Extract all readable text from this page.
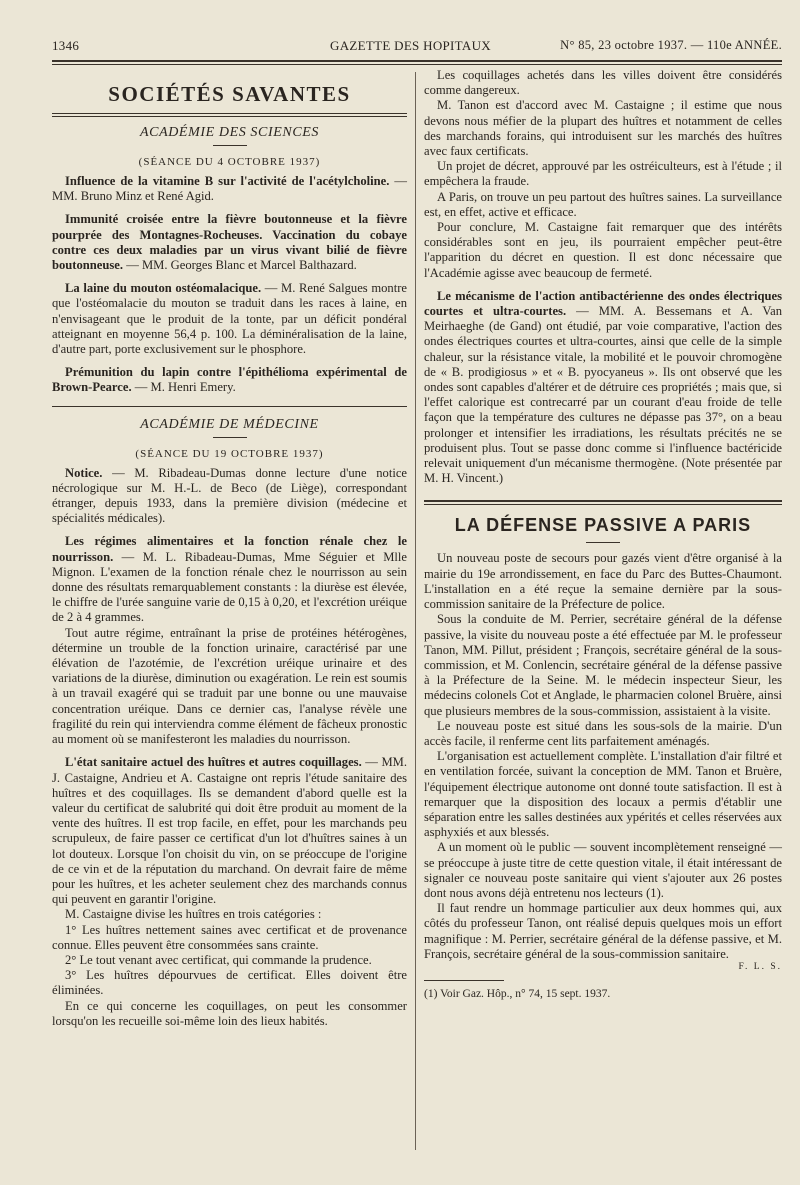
1346	GAZETTE DES HOPITAUX	N° 85, 23 octobre 1937. — 110e ANNÉE.
SOCIÉTÉS SAVANTES
ACADÉMIE DES SCIENCES
(SÉANCE DU 4 OCTOBRE 1937)

Influence de la vitamine B sur l'activité de l'acétylcholine. — MM. Bruno Minz et René Agid.

Immunité croisée entre la fièvre boutonneuse et la fièvre pourprée des Montagnes-Rocheuses. Vaccination du cobaye contre ces deux maladies par un virus vivant bilié de fièvre boutonneuse. — MM. Georges Blanc et Marcel Balthazard.

La laine du mouton ostéomalacique. — M. René Salgues montre que l'ostéomalacie du mouton se traduit dans les races à laine, en n'envisageant que le produit de la tonte, par un déficit pondéral atteignant en moyenne 56,4 p. 100. La déminéralisation de la laine, d'autre part, porte exclusivement sur le phosphore.

Prémunition du lapin contre l'épithélioma expérimental de Brown-Pearce. — M. Henri Emery.

ACADÉMIE DE MÉDECINE
(SÉANCE DU 19 OCTOBRE 1937)

Notice. — M. Ribadeau-Dumas donne lecture d'une notice nécrologique sur M. H.-L. de Beco (de Liège), correspondant étranger, depuis 1933, dans la première division (médecine et spécialités médicales).

Les régimes alimentaires et la fonction rénale chez le nourrisson. — M. L. Ribadeau-Dumas, Mme Séguier et Mlle Mignon. L'examen de la fonction rénale chez le nourrisson au sein donne des résultats remarquablement constants : la diurèse est élevée, le chiffre de l'urée sanguine varie de 0,15 à 0,20, et l'excrétion uréique de 2 à 4 grammes.

Tout autre régime, entraînant la prise de protéines hétérogènes, détermine un trouble de la fonction urinaire, caractérisé par une élévation de l'azotémie, de l'excrétion uréique urinaire et des variations de la diurèse, diminution ou exagération. Le rein est soumis à un travail exagéré qui se traduit par une bonne ou une mauvaise concentration uréique. Dans ce dernier cas, l'analyse révèle une fragilité du rein qui interviendra comme élément de fâcheux pronostic au moment où se manifesteront les maladies du nourrisson.

L'état sanitaire actuel des huîtres et autres coquillages. — MM. J. Castaigne, Andrieu et A. Castaigne ont repris l'étude sanitaire des huîtres et des coquillages. Ils se demandent d'abord quelle est la valeur du certificat de salubrité qui doit être produit au moment de la vente des huîtres. Il est trop facile, en effet, pour les marchands peu scrupuleux, de faire passer ce certificat d'un lot d'huîtres saines à un lot douteux. Lorsque l'on choisit du vin, on se préoccupe de l'origine de ce vin et de la réputation du marchand. On devrait faire de même pour les huîtres, et les acheter seulement chez des marchands connus qui peuvent en garantir l'origine.

M. Castaigne divise les huîtres en trois catégories :

1° Les huîtres nettement saines avec certificat et de provenance connue. Elles peuvent être consommées sans crainte.

2° Le tout venant avec certificat, qui commande la prudence.

3° Les huîtres dépourvues de certificat. Elles doivent être éliminées.

En ce qui concerne les coquillages, on peut les consommer lorsqu'on les recueille soi-même loin des lieux habités.

Les coquillages achetés dans les villes doivent être considérés comme dangereux.

M. Tanon est d'accord avec M. Castaigne ; il estime que nous devons nous méfier de la plupart des huîtres et notamment de celles des marchands forains, qui introduisent sur les marchés des huîtres avec faux certificats.

Un projet de décret, approuvé par les ostréiculteurs, est à l'étude ; il empêchera la fraude.

A Paris, on trouve un peu partout des huîtres saines. La surveillance est, en effet, active et efficace.

Pour conclure, M. Castaigne fait remarquer que des intérêts considérables sont en jeu, ils pourraient empêcher peut-être l'apparition du décret en question. Il est donc nécessaire que l'Académie agisse avec beaucoup de fermeté.

Le mécanisme de l'action antibactérienne des ondes électriques courtes et ultra-courtes. — MM. A. Bessemans et A. Van Meirhaeghe (de Gand) ont étudié, par voie comparative, l'action des ondes électriques courtes et ultra-courtes, ainsi que celle de la simple chaleur, sur la résistance vitale, la mobilité et le pouvoir chromogène de « B. prodigiosus » et « B. pyocyaneus ». Ils ont observé que les ondes sont capables d'altérer et de détruire ces propriétés ; mais que, si l'effet calorique est contrecarré par un courant d'eau froide de telle façon que la température des cultures ne dépasse pas 37°, on a beau prolonger et intensifier les irradiations, les résultats précités ne se produisent plus. Tout se passe donc comme si l'influence bactéricide relevait uniquement d'un mécanisme thermogène. (Note présentée par M. H. Vincent.)

LA DÉFENSE PASSIVE A PARIS

Un nouveau poste de secours pour gazés vient d'être organisé à la mairie du 19e arrondissement, en face du Parc des Buttes-Chaumont. L'installation en a été reçue la semaine dernière par la sous-commission sanitaire de la Préfecture de police.

Sous la conduite de M. Perrier, secrétaire général de la défense passive, la visite du nouveau poste a été effectuée par M. le professeur Tanon, MM. Pillut, président ; François, secrétaire général de la sous-commission, et M. Conlencin, secrétaire général de la défense passive à la Préfecture de la Seine. M. le médecin inspecteur Sieur, les médecins colonels Cot et Anglade, le pharmacien colonel Bruère, ainsi que plusieurs membres de la sous-commission, assistaient à la visite.

Le nouveau poste est situé dans les sous-sols de la mairie. D'un accès facile, il renferme cent lits parfaitement aménagés.

L'organisation est actuellement complète. L'installation d'air filtré et en ventilation forcée, suivant la conception de MM. Tanon et Bruère, l'équipement électrique autonome ont donné toute satisfaction. Il est à remarquer que la disposition des locaux a permis d'établir une séparation entre les salles destinées aux ypérités et celles réservées aux asphyxiés et aux blessés.

A un moment où le public — souvent incomplètement renseigné — se préoccupe à juste titre de cette question vitale, il était intéressant de signaler ce nouveau poste sanitaire qui vient s'ajouter aux 26 postes dont nous avons déjà entretenu nos lecteurs (1).

Il faut rendre un hommage particulier aux deux hommes qui, aux côtés du professeur Tanon, ont réalisé depuis quelques mois un effort magnifique : M. Perrier, secrétaire général de la défense passive, et M. François, secrétaire général de la sous-commission sanitaire.

F. L. S.

(1) Voir Gaz. Hôp., n° 74, 15 sept. 1937.
